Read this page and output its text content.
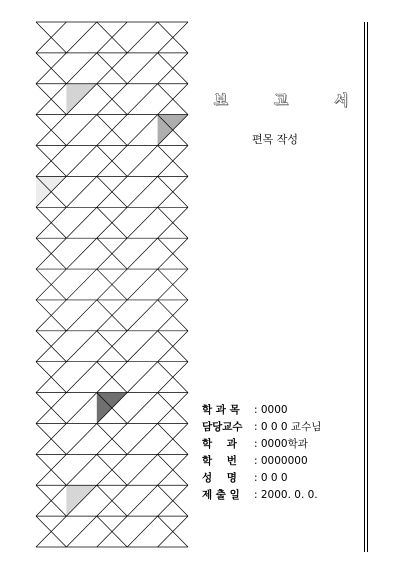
보	고	서
편목 작성
학 과 목	: 0000
담당교수	: 0 0 0 교수님
학    과	: 0000학과
학    번	: 0000000
성    명	: 0 0 0
제 출 일	: 2000. 0. 0.
